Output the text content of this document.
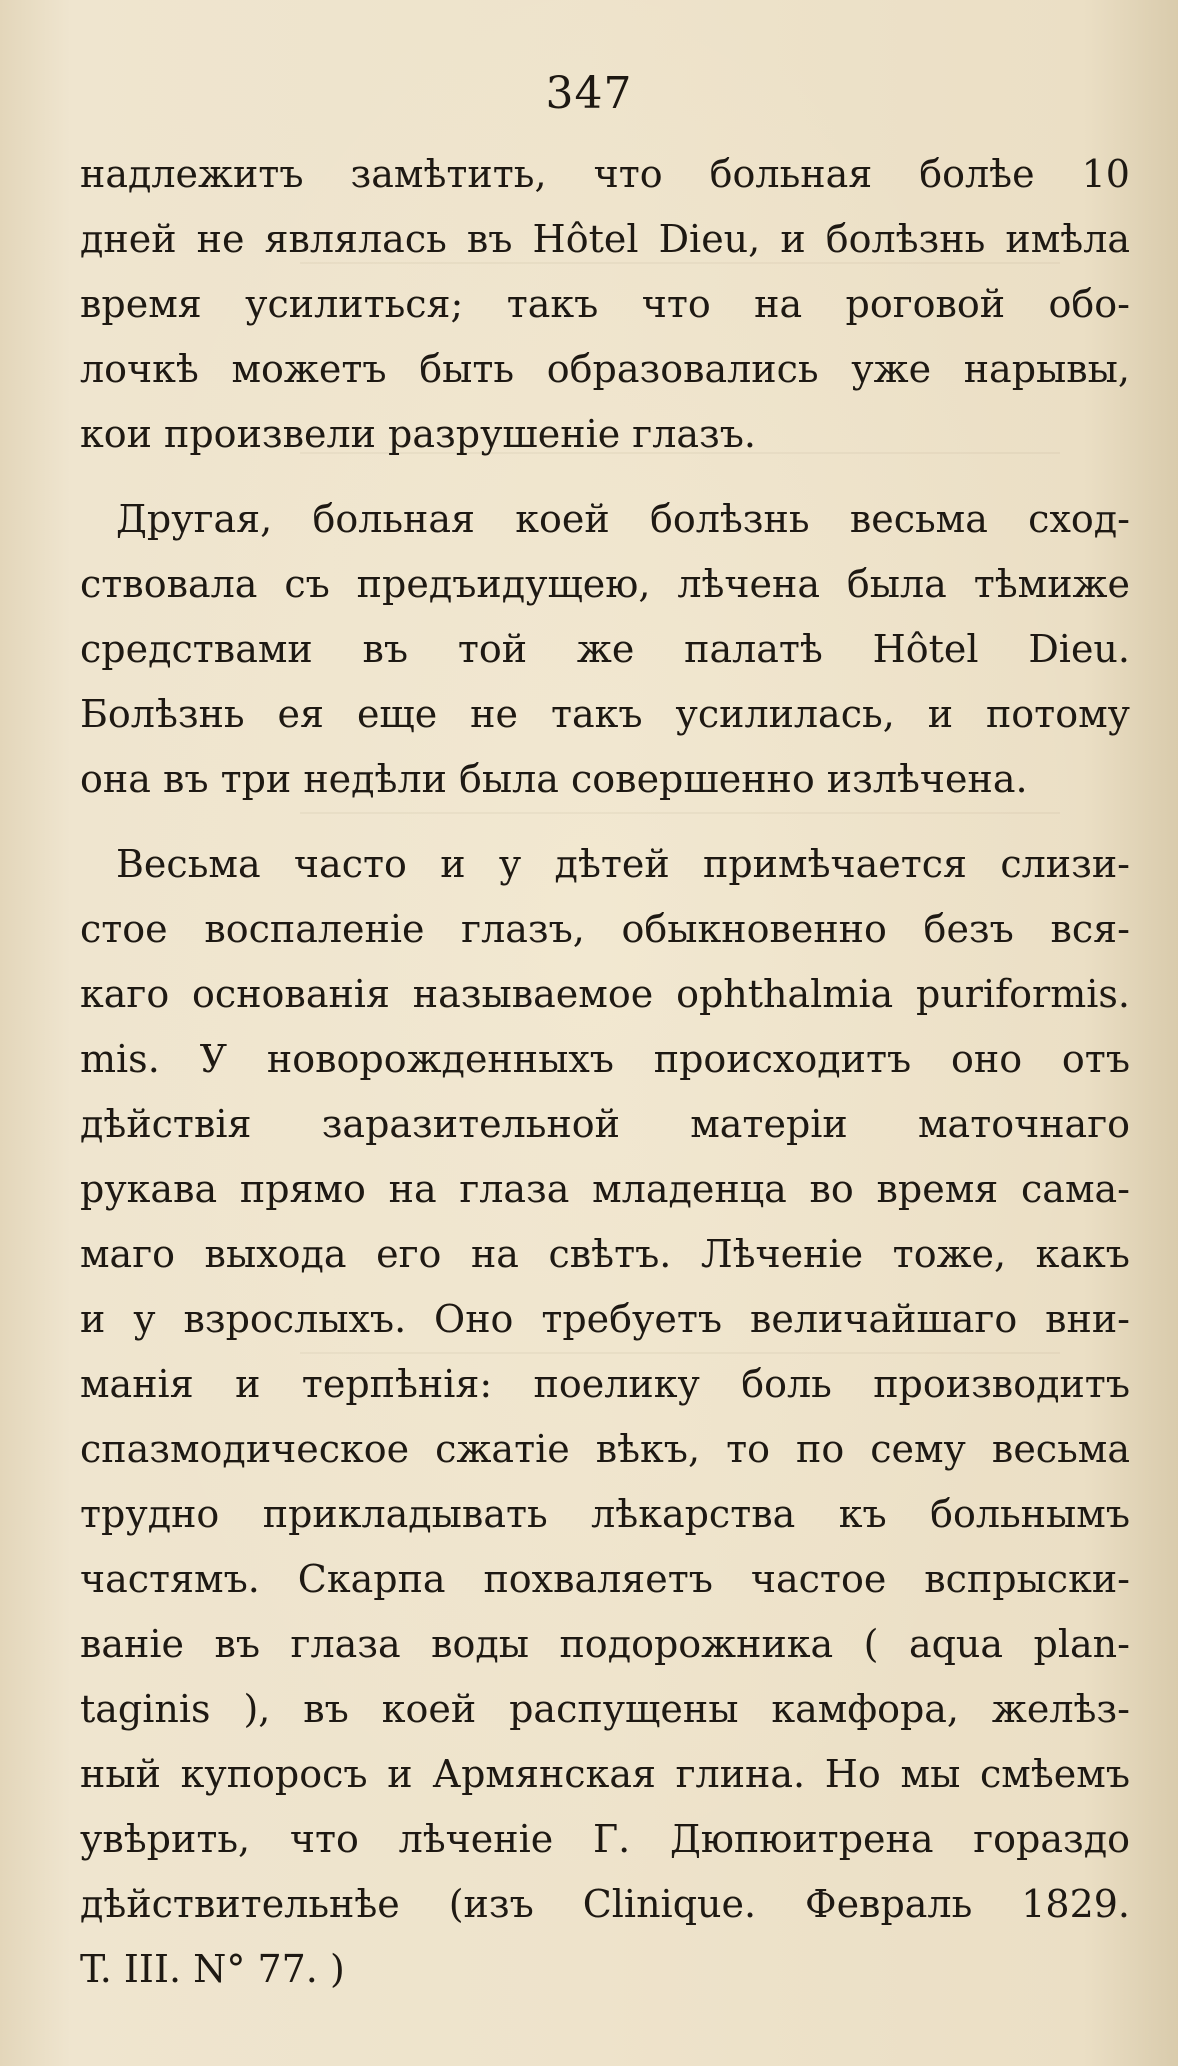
347
надлежитъ замѣтить, что больная болѣе 10
дней не являлась въ Hôtel Dieu, и болѣзнь имѣла
время усилиться; такъ что на роговой обо-
лочкѣ можетъ быть образовались уже нарывы,
кои произвели разрушеніе глазъ.
Другая, больная коей болѣзнь весьма сход-
ствовала съ предъидущею, лѣчена была тѣмиже
средствами въ той же палатѣ Hôtel Dieu.
Болѣзнь ея еще не такъ усилилась, и потому
она въ три недѣли была совершенно излѣчена.
Весьма часто и у дѣтей примѣчается слизи-
стое воспаленіе глазъ, обыкновенно безъ вся-
каго основанія называемое ophthalmia puriformis.
mis. У новорожденныхъ происходитъ оно отъ
дѣйствія заразительной матеріи маточнаго
рукава прямо на глаза младенца во время сама-
маго выхода его на свѣтъ. Лѣченіе тоже, какъ
и у взрослыхъ. Оно требуетъ величайшаго вни-
манія и терпѣнія: поелику боль производитъ
спазмодическое сжатіе вѣкъ, то по сему весьма
трудно прикладывать лѣкарства къ больнымъ
частямъ. Скарпа похваляетъ частое вспрыски-
ваніе въ глаза воды подорожника ( aqua plan-
taginis ), въ коей распущены камфора, желѣз-
ный купоросъ и Армянская глина. Но мы смѣемъ
увѣрить, что лѣченіе Г. Дюпюитрена гораздо
дѣйствительнѣе (изъ Clinique. Февраль 1829.
T. III. N° 77. )
